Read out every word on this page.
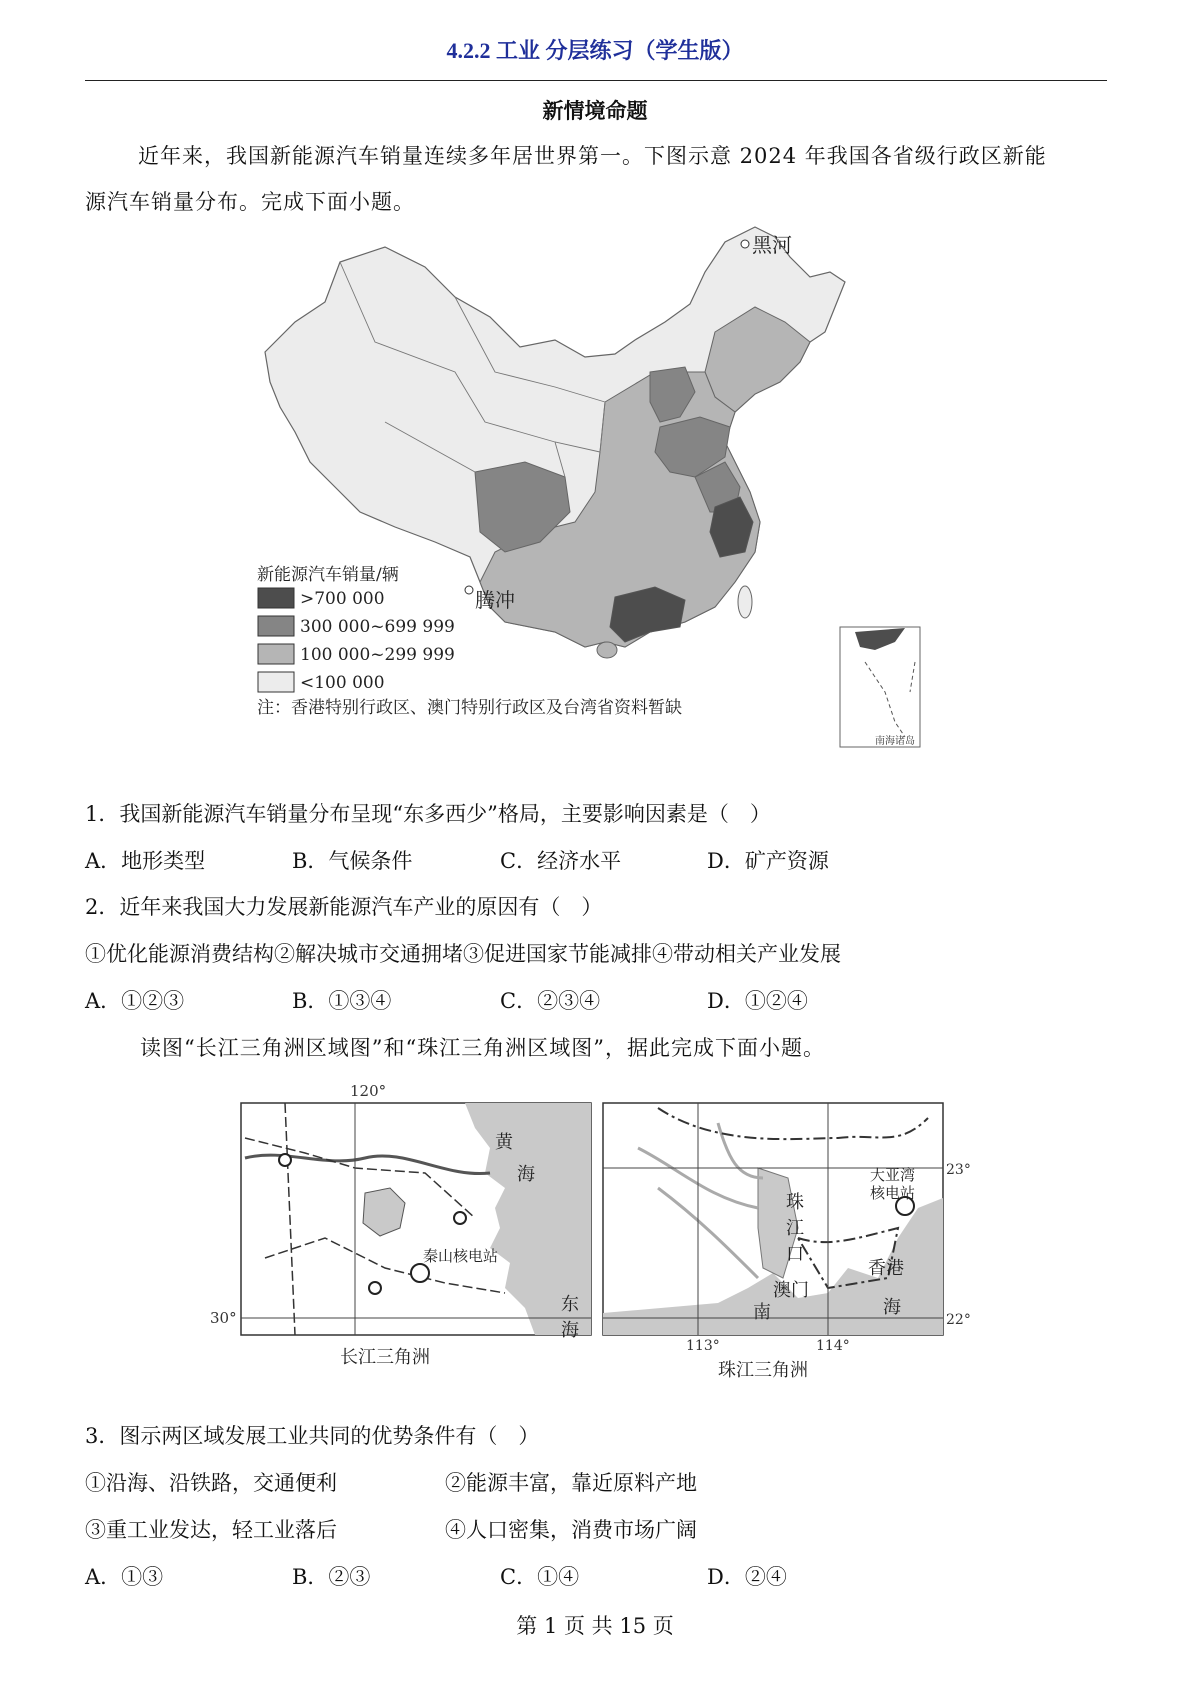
4.2.2 工业 分层练习（学生版）
新情境命题
近年来，我国新能源汽车销量连续多年居世界第一。下图示意 2024 年我国各省级行政区新能
源汽车销量分布。完成下面小题。
黑河
腾冲
新能源汽车销量/辆
>700 000
300 000~699 999
100 000~299 999
<100 000
注：香港特别行政区、澳门特别行政区及台湾省资料暂缺
南海诸岛
1．我国新能源汽车销量分布呈现“东多西少”格局，主要影响因素是（　）
A．地形类型	B．气候条件	C．经济水平	D．矿产资源
2．近年来我国大力发展新能源汽车产业的原因有（　）
①优化能源消费结构②解决城市交通拥堵③促进国家节能减排④带动相关产业发展
A．①②③	B．①③④	C．②③④	D．①②④
读图“长江三角洲区域图”和“珠江三角洲区域图”，据此完成下面小题。
120°
秦山核电站
黄
海
东
海
30°
长江三角洲
大亚湾
核电站
珠
江
口
澳门
香港
南	海
23°
22°
113°	114°
珠江三角洲
3．图示两区域发展工业共同的优势条件有（　）
①沿海、沿铁路，交通便利	②能源丰富，靠近原料产地
③重工业发达，轻工业落后	④人口密集，消费市场广阔
A．①③	B．②③	C．①④	D．②④
第 1 页 共 15 页
